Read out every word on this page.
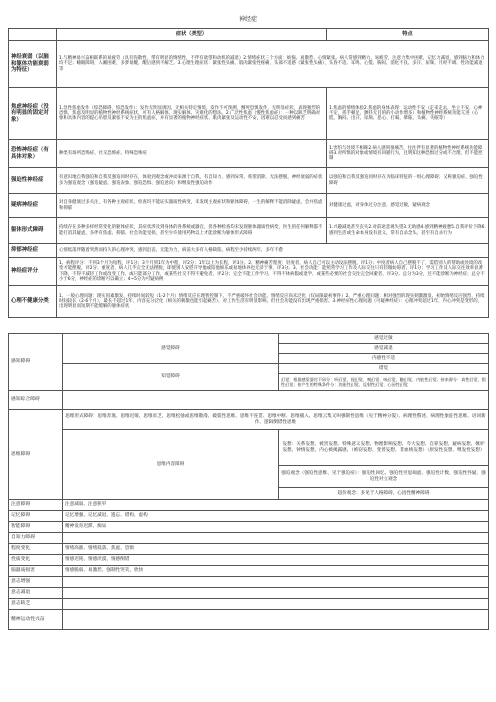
神经症
	症状（类型）	特点
神经衰弱（以脑和躯体功能衰弱为特征）	1.与精神易兴奋相联系的易疲劳（具有弥散性，带有明显的情绪性，不伴有欲望和动机的减退）2.情绪症状三个方面：烦恼、易激惹、心情紧张。病人常感到精力、易疲劳，注意力集中困难，记忆力减退，感到脑力和体力均不足；睡眠障碍，入睡困难，多梦易醒，醒后感到不解乏。3.心理生理症状：紧张性头痛、肌肉紧张性疼痛，头部不适感（紧张性头痛），头昏不适、耳鸣、心慌、胸闷、消化不良、多汗、尿频、月经不调、性功能减退等	
焦虑神经症（没有明显的固定对象）	1.急性焦虑发作（惊恐障碍，惊恐发作）：发作无明显诱因，无相关特定情境，发作不可预测，濒死恐惧发作，无明显症状，表现强烈的恐惧、焦虑及明显的植物性神经系统症状，可有人格解体、现实解体、灾难化的想法。2.广泛性焦虑（慢性焦虑症）：一种以缺乏明确对象和具体内容的提心吊胆及紧张不安为主的焦虑症，并有显著的植物神经症状、肌肉紧张及运动性不安，因难以忍受而感到痛苦	1.焦虑的情绪体验2.焦虑的身体表现：运动性不安（走来走去，坐立不安，心神不定，搓手顿足，颤抖无目的的小动作增多）和植物性神经系统功能亢进（心慌、胸闷、出汗、尿频、恶心、打嗝、晕眩、头痛、失眠等）
恐怖神经症（有具体对象）	种类有场所恐怖症、社交恐怖症、特殊恐怖症	1.害怕与处境不相称2.病人感到很痛苦，往往伴有显著的植物性神经系统功能障碍3.对所惧的对象或情境有回避行为，且明知这种恐惧过分或不合理，但不能控制
强迫性神经症	有意识地自我强迫和自我反强迫同时存在，体验到观念或冲动来源于自我，有自知力，感到异常、希望消除，无法摆脱，神经衰弱的症状多为强迫观念（强迫疑虑、强迫表象、强迫恐惧、强迫意向）和继发性强迫动作	以强迫和自我反强迫同时存在为临床特征的一组心理障碍；又称强迫症、强迫性障碍
疑病神经症	对自身健康过多关注，有各种主观症状，检查均不能证实器质性病变，未发现主观症状和躯体障碍，一生的解释不能消除疑虑，会并焦虑和抑郁	对健康过虑，对身体过分注意，感觉过敏，疑病观念
躯体形式障碍	持续存在多种多样经常变化的躯体症状，其症状涉及到身体的各系统或器官，但各种检查均未发现躯体器质性病变，医生的任何解释都不能打消其疑虑，多伴有焦虑、抑郁、社会功能受损，甚至少许使用药物以上才能诊断为躯体形式障碍	1.兴趣减退甚至丧失2.对前途悲观失望3.无助感4.感到精神疲惫5.自我评价下降6.感到生活或生命本身没有意义，常有自杀念头，甚至有自杀行为
抑郁神经症	心情低落伴随着突然而持久的心理冲突，感到沮丧、无能为力，病前大多有人格缺陷，病程至少持续两年，多年不愈	
神经症评分	1、病程评分：不到3个月为短程，评1分；3个月到1年为中程，评2分；1年以上为长程，评3分。2、精神痛苦程度：轻度者，病人自己可以主动设法摆脱，评1分；中度者病人自己摆脱不了，需借别人的帮助或处境的改变才能摆脱，评2分；重度者，病人几乎完全无法摆脱，即使别人安慰开导他或陪他娱乐或易地休养也无济于事，评3分。3、社会功能：能照常学习工作及人际交往只有轻微妨碍者，评1分；学习工作及人际交往效率显著下降，不得不减轻工作或改变工作，或只能部分工作，或某些社交不得不避免者，评2分；完全不能工作学习，不得不休病假或退学，或某些必要的社会交往完全回避者，评3分。总分为3分，还不能诊断为神经症；总分不小于6分，神经症的诊断可以确立；4~5分为可疑病例	
心理不健康分类	1、一般心理问题：现实因素激发、持续时间较短（1-2个月）情绪反应在理智控制下、不严重破坏社会功能、情绪反应尚未泛化（仅局限最初事件）2、严重心理问题：相对强烈的现实刺激激发、初始情绪反应强烈，持续时间较长（2-6个月），最长不超过1年、内容充分泛化（相关的刺激也能引起痛苦），对工作生活有明显影响，但社会功能没有出现严重损害。3.神经症性心理问题（可疑神经症）：心理冲突超过1年，内心冲突是变形的，出现明显而短期不能缓解的躯体症状	
感知障碍	感觉障碍	感觉过敏
		感觉减退
		内感性不适
	知觉障碍	错觉
		幻觉：根据感觉器官不同分：听幻觉、视幻觉、嗅幻觉、味幻觉、触幻觉、内脏性幻觉；按来源分：真性幻觉、假性幻觉；按产生的特殊条件分：功能性幻觉、反射性幻觉、心因性幻觉

感知综合障碍		
思维障碍	思维形式障碍：思维奔逸、思维迟缓、思维贫乏、思维松弛或思维散漫、破裂性思维、思维不连贯、思维中断、思维插入、思维云集又叫强制性思维（见于精神分裂）、病理性赘述、病理性象征性思维、语词新作、逻辑倒错性思维	
	思维内容障碍	妄想：关系妄想、被害妄想、特殊意义妄想、物理影响妄想、夸大妄想、自罪妄想、疑病妄想、嫉妒妄想、钟情妄想、内心被揭露感、（被窃妄想、变兽妄想、非血统妄想）（原发性妄想、继发性妄想）
		强迫观念（强迫性思维、见于强迫症）：强迫性回忆、强迫性穷思竭虑、强迫性计数、强迫性怀疑、强迫性对立观念
		超价观念：多见于人格障碍、心因性精神障碍
注意障碍	注意减弱、注意狭窄	
记忆障碍	记忆增强、记忆减退、遗忘、错构、虚构	
智能障碍	精神发育迟滞、痴呆	
自知力障碍		
程度变化	情绪高涨、情绪低落、焦虑、恐惧	
性质变化	情感迟钝、情感淡漠、情感倒错	
脑器质损害	情感脆弱、易激惹、强制性哭笑、欣快	
意志增强		
意志减退		
意志缺乏		
精神运动性兴奋		
